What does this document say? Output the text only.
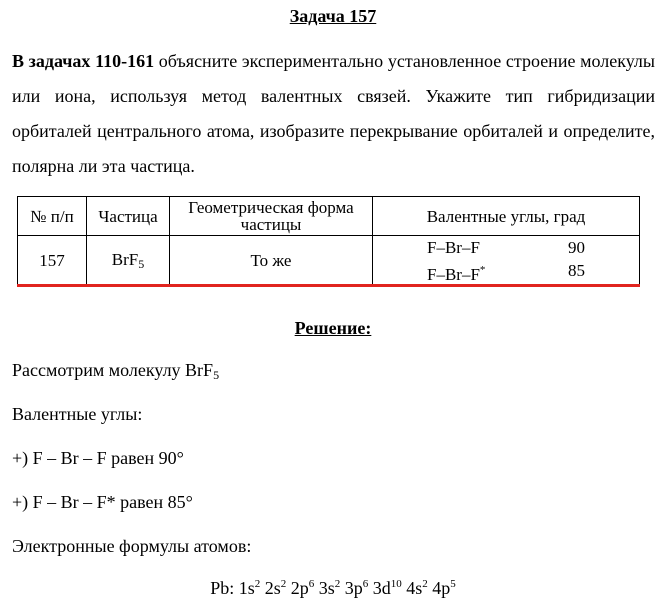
Задача 157

В задачах 110-161 объясните экспериментально установленное строение молекулы или иона, используя метод валентных связей. Укажите тип гибридизации орбиталей центрального атома, изобразите перекрывание орбиталей и определите, полярна ли эта частица.

№ п/п	Частица	Геометрическая форма частицы	Валентные углы, град
157	BrF$_5$	То же	F–Br–F 90
F–Br–F* 85
Решение:
Рассмотрим молекулу BrF$_5$
Валентные углы:
+) F – Br – F равен 90°
+) F – Br – F* равен 85°
Электронные формулы атомов:
Pb: $1s^2$ $2s^2$ $2p^6$ $3s^2$ $3p^6$ $3d^{10}$ $4s^2$ $4p^5$
